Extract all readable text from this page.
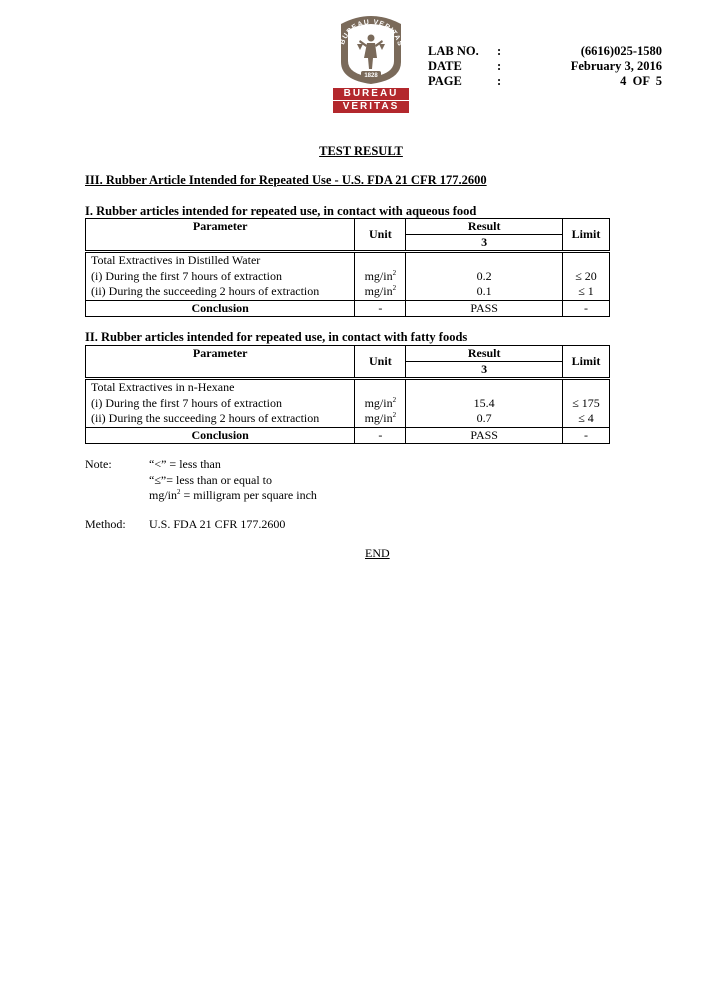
BUREAU VERITAS
1828
BUREAU
VERITAS
LAB NO. :	(6616)025-1580
DATE	:	February 3, 2016
PAGE	:	4  OF  5
TEST RESULT
III. Rubber Article Intended for Repeated Use - U.S. FDA 21 CFR 177.2600
I. Rubber articles intended for repeated use, in contact with aqueous food
Parameter	Unit	Result	Limit
		3	
Total Extractives in Distilled Water			
(i) During the first 7 hours of extraction	$mg/in^2$	0.2	≤ 20
(ii) During the succeeding 2 hours of extraction	$mg/in^2$	0.1	≤ 1
Conclusion	-	PASS	-
II. Rubber articles intended for repeated use, in contact with fatty foods
Parameter	Unit	Result	Limit
		3	
Total Extractives in n-Hexane			
(i) During the first 7 hours of extraction	$mg/in^2$	15.4	≤ 175
(ii) During the succeeding 2 hours of extraction	$mg/in^2$	0.7	≤ 4
Conclusion	-	PASS	-
Note:	“<” = less than
“≤”= less than or equal to
$mg/in^2$ = milligram per square inch
Method: U.S. FDA 21 CFR 177.2600
END
